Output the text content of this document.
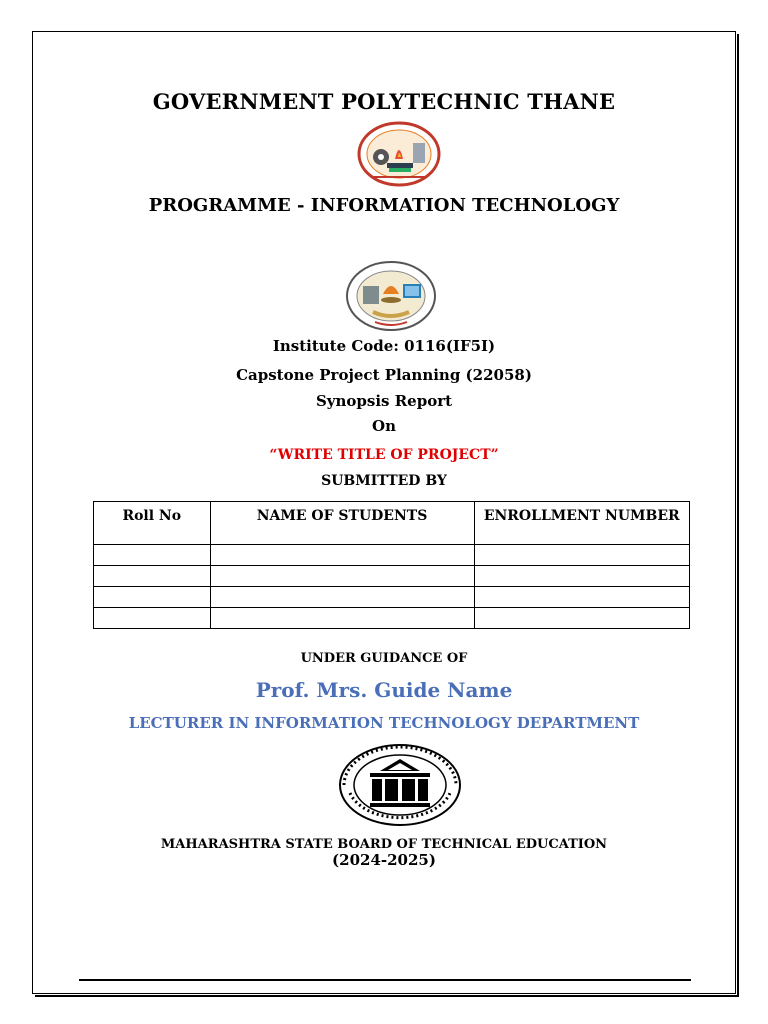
GOVERNMENT POLYTECHNIC THANE
PROGRAMME - INFORMATION TECHNOLOGY
Institute Code: 0116(IF5I)
Capstone Project Planning (22058)
Synopsis Report
On
“WRITE TITLE OF PROJECT”
SUBMITTED BY
Roll No	NAME OF STUDENTS	ENROLLMENT NUMBER

UNDER GUIDANCE OF
Prof. Mrs. Guide Name
LECTURER IN INFORMATION TECHNOLOGY DEPARTMENT
MAHARASHTRA STATE BOARD OF TECHNICAL EDUCATION
(2024-2025)
